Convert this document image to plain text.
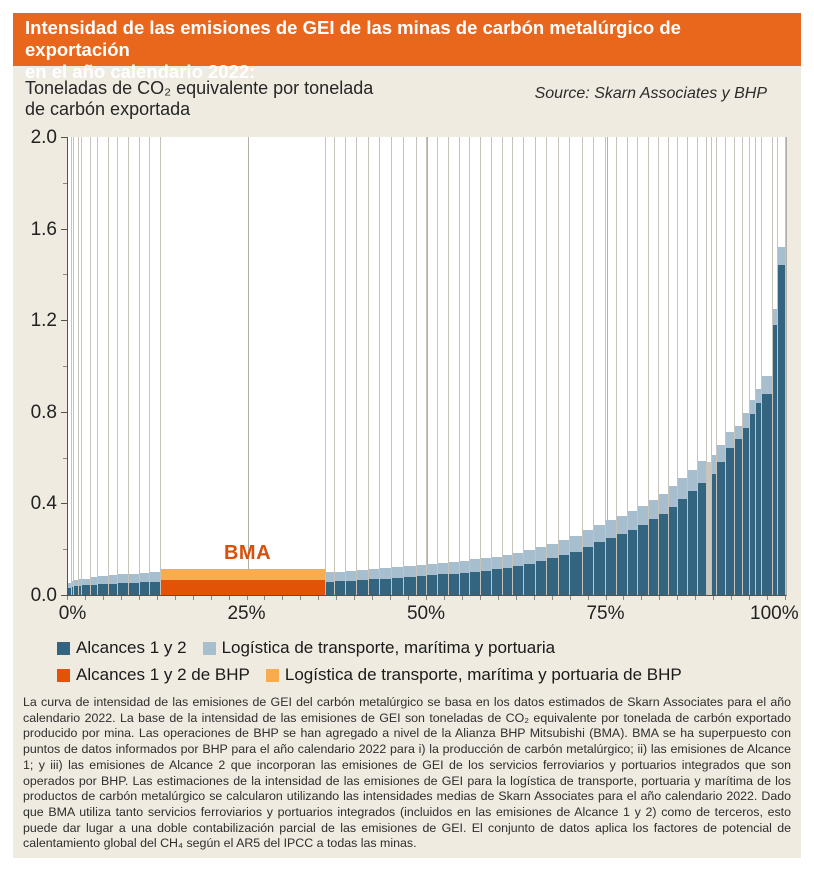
Intensidad de las emisiones de GEI de las minas de carbón metalúrgico de exportación
en el año calendario 2022:
Toneladas de CO₂ equivalente por tonelada
de carbón exportada
Source: Skarn Associates y BHP
BMA
0.0
0.4
0.8
1.2
1.6
2.0
0%	25%	50%	75%	100%
Alcances 1 y 2 Logística de transporte, marítima y portuaria
Alcances 1 y 2 de BHP Logística de transporte, marítima y portuaria de BHP
La curva de intensidad de las emisiones de GEI del carbón metalúrgico se basa en los datos estimados de Skarn Associates para el año calendario 2022. La base de la intensidad de las emisiones de GEI son toneladas de CO₂ equivalente por tonelada de carbón exportado producido por mina. Las operaciones de BHP se han agregado a nivel de la Alianza BHP Mitsubishi (BMA). BMA se ha superpuesto con puntos de datos informados por BHP para el año calendario 2022 para i) la producción de carbón metalúrgico; ii) las emisiones de Alcance 1; y iii) las emisiones de Alcance 2 que incorporan las emisiones de GEI de los servicios ferroviarios y portuarios integrados que son operados por BHP. Las estimaciones de la intensidad de las emisiones de GEI para la logística de transporte, portuaria y marítima de los productos de carbón metalúrgico se calcularon utilizando las intensidades medias de Skarn Associates para el año calendario 2022. Dado que BMA utiliza tanto servicios ferroviarios y portuarios integrados (incluidos en las emisiones de Alcance 1 y 2) como de terceros, esto puede dar lugar a una doble contabilización parcial de las emisiones de GEI. El conjunto de datos aplica los factores de potencial de calentamiento global del CH₄ según el AR5 del IPCC a todas las minas.
